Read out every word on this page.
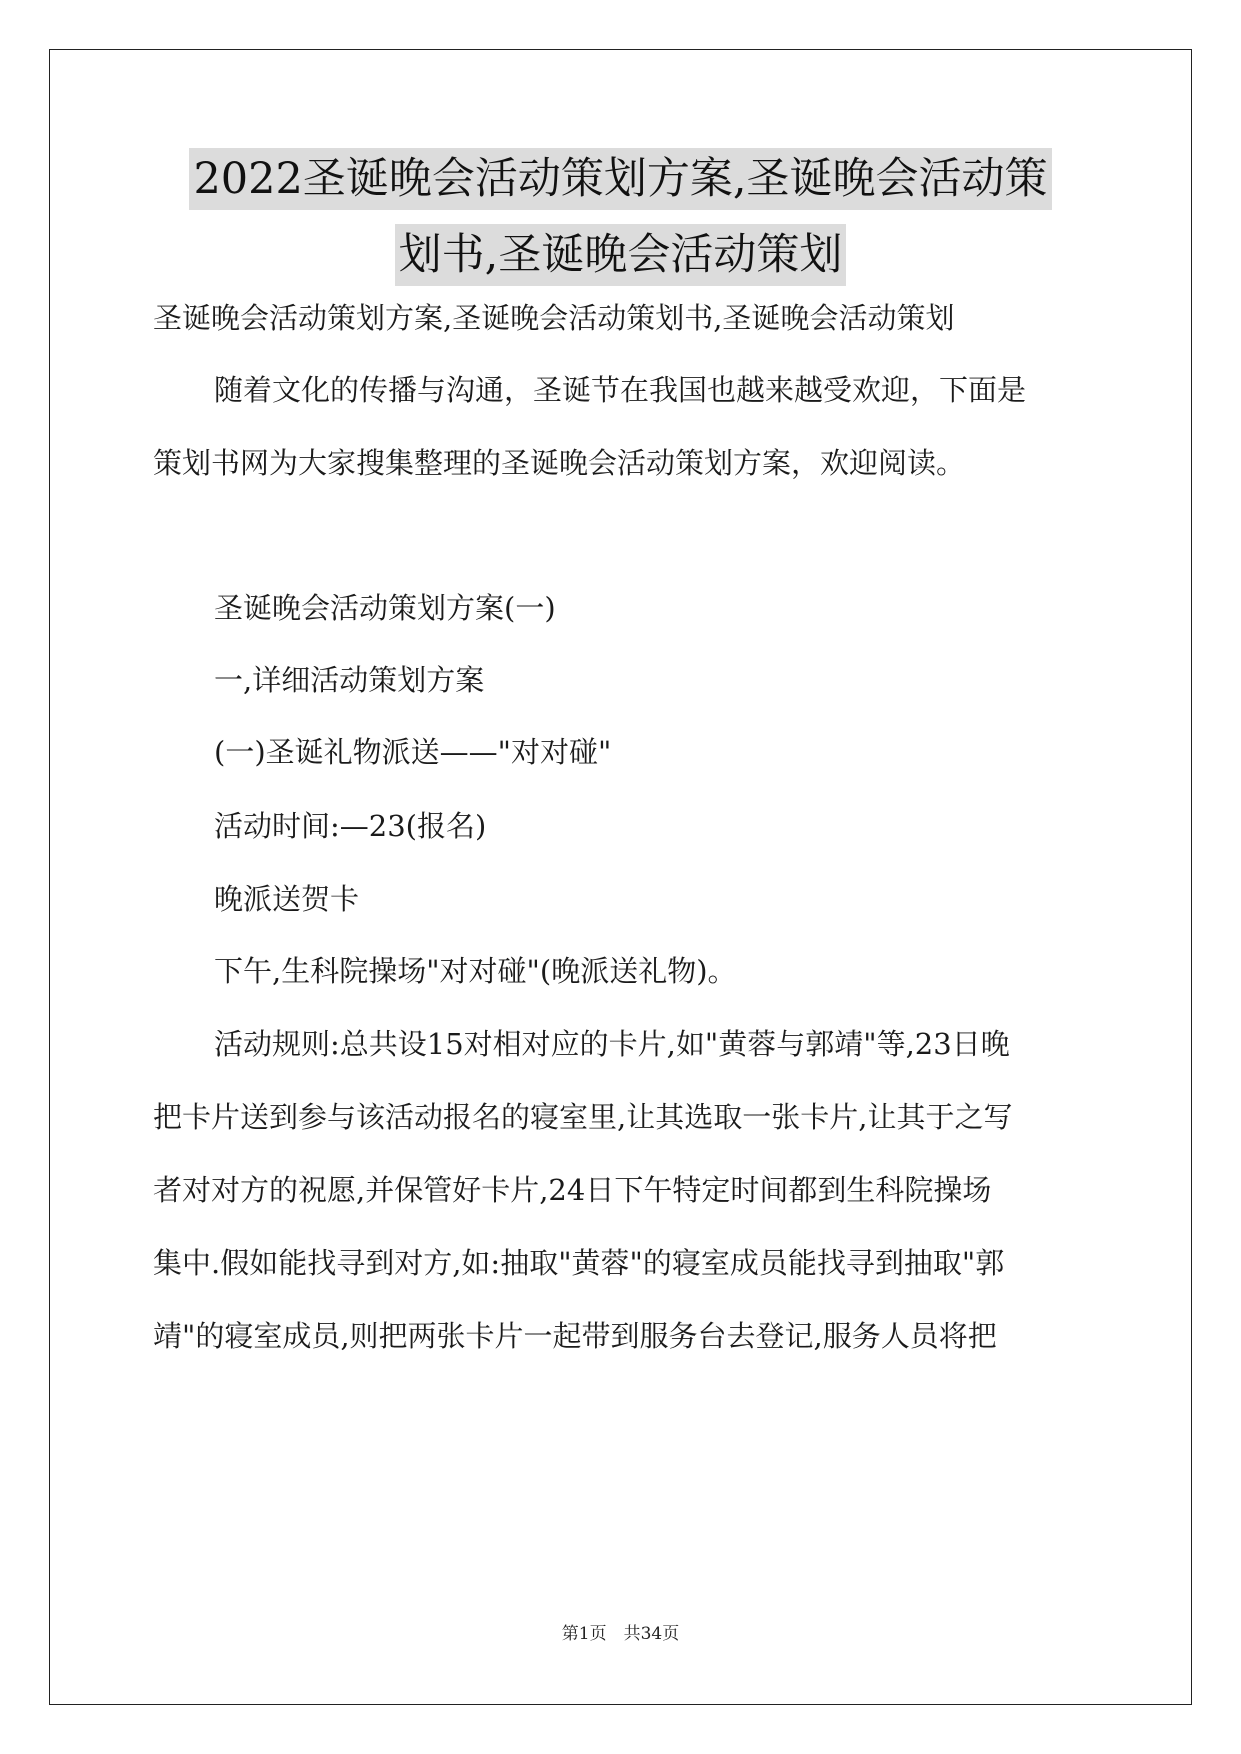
2022圣诞晚会活动策划方案,圣诞晚会活动策
划书,圣诞晚会活动策划

圣诞晚会活动策划方案,圣诞晚会活动策划书,圣诞晚会活动策划

随着文化的传播与沟通，圣诞节在我国也越来越受欢迎，下面是

策划书网为大家搜集整理的圣诞晚会活动策划方案，欢迎阅读。

圣诞晚会活动策划方案(一)

一,详细活动策划方案

(一)圣诞礼物派送——"对对碰"

活动时间:—23(报名)

晚派送贺卡

下午,生科院操场"对对碰"(晚派送礼物)。

活动规则:总共设15对相对应的卡片,如"黄蓉与郭靖"等,23日晚

把卡片送到参与该活动报名的寝室里,让其选取一张卡片,让其于之写

者对对方的祝愿,并保管好卡片,24日下午特定时间都到生科院操场

集中.假如能找寻到对方,如:抽取"黄蓉"的寝室成员能找寻到抽取"郭

靖"的寝室成员,则把两张卡片一起带到服务台去登记,服务人员将把

第1页　共34页
